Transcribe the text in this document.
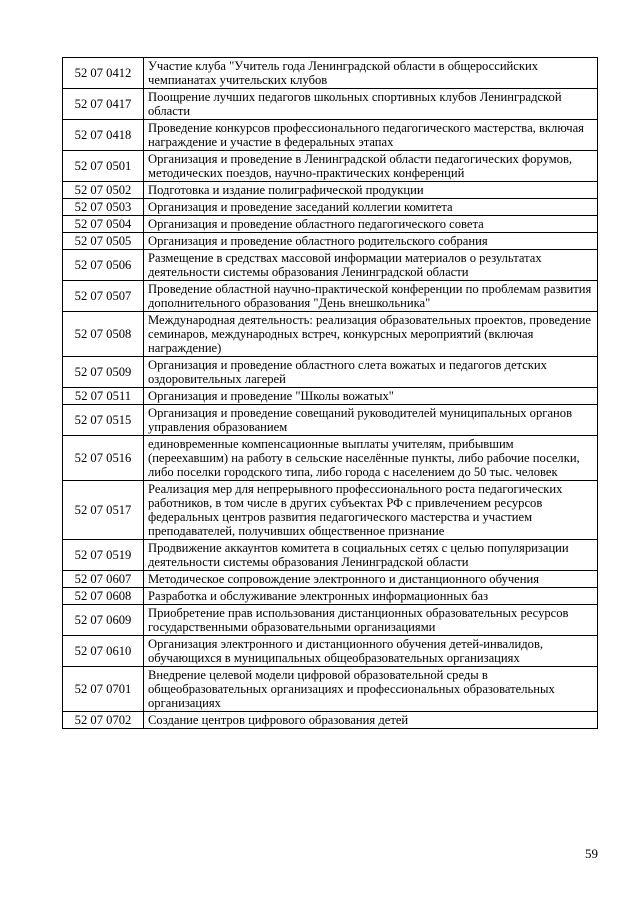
52 07 0412	Участие клуба "Учитель года Ленинградской области в общероссийских чемпианатах учительских клубов
52 07 0417	Поощрение лучших педагогов школьных спортивных клубов Ленинградской области
52 07 0418	Проведение конкурсов профессионального педагогического мастерства, включая награждение и участие в федеральных этапах
52 07 0501	Организация и проведение в Ленинградской области педагогических форумов, методических поездов, научно-практических конференций
52 07 0502	Подготовка и издание полиграфической продукции
52 07 0503	Организация и проведение заседаний коллегии комитета
52 07 0504	Организация и проведение областного педагогического совета
52 07 0505	Организация и проведение областного родительского собрания
52 07 0506	Размещение в средствах массовой информации материалов о результатах деятельности системы образования Ленинградской области
52 07 0507	Проведение областной научно-практической конференции по проблемам развития дополнительного образования "День внешкольника"
52 07 0508	Международная деятельность: реализация образовательных проектов, проведение семинаров, международных встреч, конкурсных мероприятий (включая награждение)
52 07 0509	Организация и проведение областного слета вожатых и педагогов детских оздоровительных лагерей
52 07 0511	Организация и проведение "Школы вожатых"
52 07 0515	Организация и проведение совещаний руководителей муниципальных органов управления образованием
52 07 0516	единовременные компенсационные выплаты учителям, прибывшим (переехавшим) на работу в сельские населённые пункты, либо рабочие поселки, либо поселки городского типа, либо города с населением до 50 тыс. человек
52 07 0517	Реализация мер для непрерывного профессионального роста педагогических работников, в том числе в других субъектах РФ с привлечением ресурсов федеральных центров развития педагогического мастерства и участием преподавателей, получивших общественное признание
52 07 0519	Продвижение аккаунтов комитета в социальных сетях с целью популяризации деятельности системы образования Ленинградской области
52 07 0607	Методическое сопровождение электронного и дистанционного обучения
52 07 0608	Разработка и обслуживание электронных информационных баз
52 07 0609	Приобретение прав использования дистанционных образовательных ресурсов государственными образовательными организациями
52 07 0610	Организация электронного и дистанционного обучения детей-инвалидов, обучающихся в муниципальных общеобразовательных организациях
52 07 0701	Внедрение целевой модели цифровой образовательной среды в общеобразовательных организациях и профессиональных образовательных организациях
52 07 0702	Создание центров цифрового образования детей
59
